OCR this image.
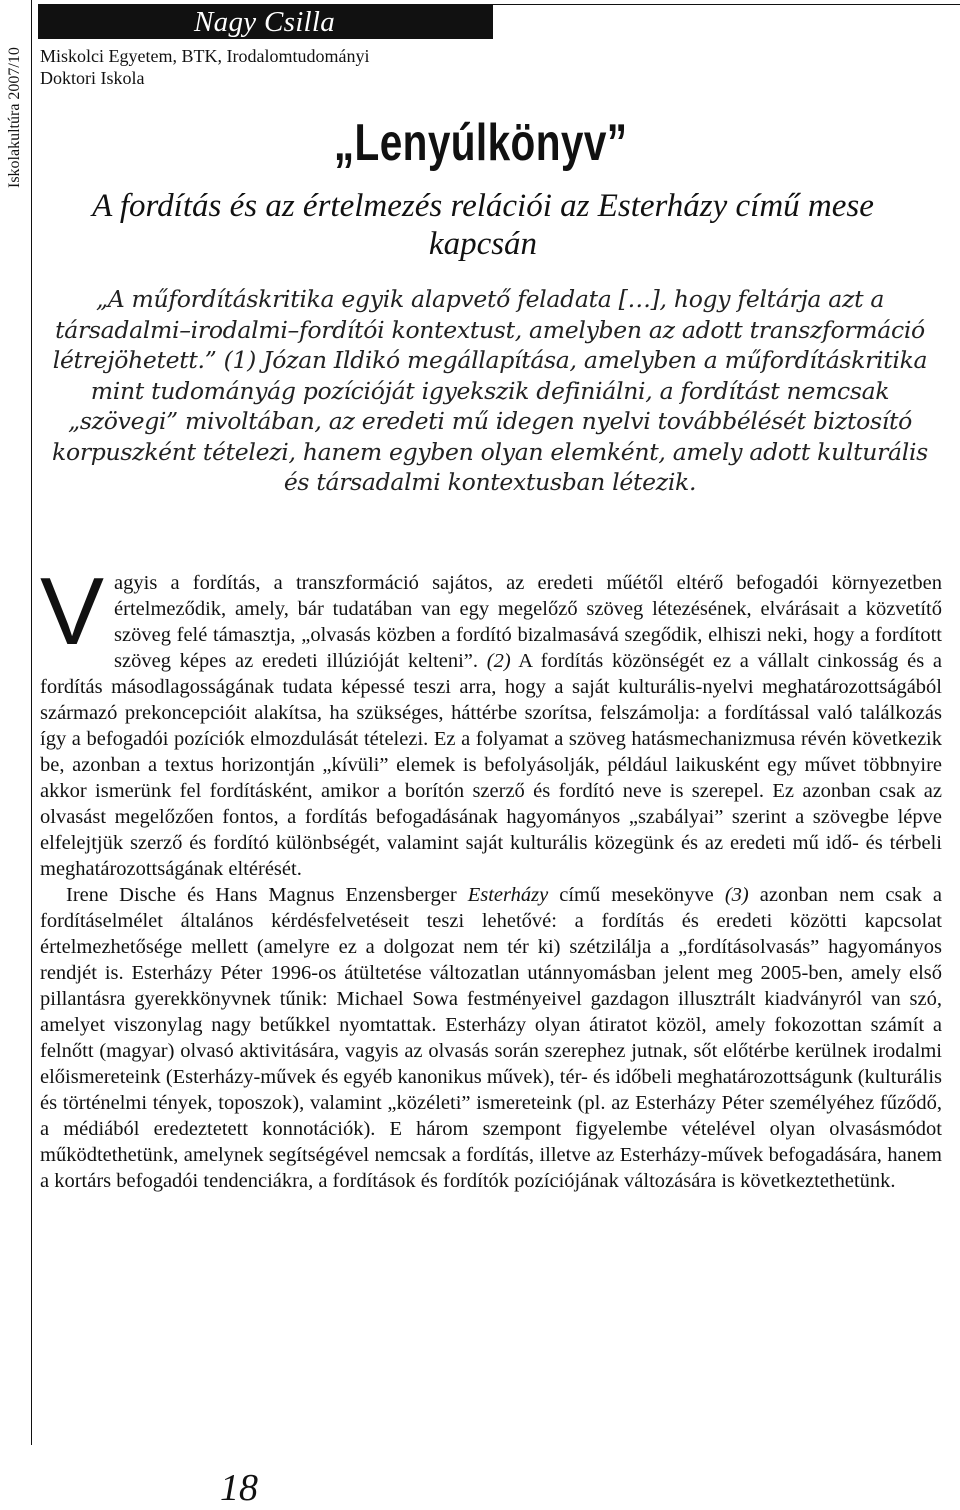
Iskolakultúra 2007/10
Nagy Csilla
Miskolci Egyetem, BTK, Irodalomtudományi
Doktori Iskola
„Lenyúlkönyv”
A fordítás és az értelmezés relációi az Esterházy című mese kapcsán
„A műfordításkritika egyik alapvető feladata […], hogy feltárja azt a társadalmi–irodalmi–fordítói kontextust, amelyben az adott transzformáció létrejöhetett.” (1) Józan Ildikó megállapítása, amelyben a műfordításkritika mint tudományág pozícióját igyekszik definiálni, a fordítást nemcsak „szövegi” mivoltában, az eredeti mű idegen nyelvi továbbélését biztosító korpuszként tételezi, hanem egyben olyan elemként, amely adott kulturális és társadalmi kontextusban létezik.

Vagyis a fordítás, a transzformáció sajátos, az eredeti műétől eltérő befogadói környezetben értelmeződik, amely, bár tudatában van egy megelőző szöveg létezésének, elvárásait a közvetítő szöveg felé támasztja, „olvasás közben a fordító bizalmasává szegődik, elhiszi neki, hogy a fordított szöveg képes az eredeti illúzióját kelteni”. (2) A fordítás közönségét ez a vállalt cinkosság és a fordítás másodlagosságának tudata képessé teszi arra, hogy a saját kulturális-nyelvi meghatározottságából származó prekoncepcióit alakítsa, ha szükséges, háttérbe szorítsa, felszámolja: a fordítással való találkozás így a befogadói pozíciók elmozdulását tételezi. Ez a folyamat a szöveg hatásmechanizmusa révén következik be, azonban a textus horizontján „kívüli” elemek is befolyásolják, például laikusként egy művet többnyire akkor ismerünk fel fordításként, amikor a borítón szerző és fordító neve is szerepel. Ez azonban csak az olvasást megelőzően fontos, a fordítás befogadásának hagyományos „szabályai” szerint a szövegbe lépve elfelejtjük szerző és fordító különbségét, valamint saját kulturális közegünk és az eredeti mű idő- és térbeli meghatározottságának eltérését.

Irene Dische és Hans Magnus Enzensberger Esterházy című mesekönyve (3) azonban nem csak a fordításelmélet általános kérdésfelvetéseit teszi lehetővé: a fordítás és eredeti közötti kapcsolat értelmezhetősége mellett (amelyre ez a dolgozat nem tér ki) szétzilálja a „fordításolvasás” hagyományos rendjét is. Esterházy Péter 1996-os átültetése változatlan utánnyomásban jelent meg 2005-ben, amely első pillantásra gyerekkönyvnek tűnik: Michael Sowa festményeivel gazdagon illusztrált kiadványról van szó, amelyet viszonylag nagy betűkkel nyomtattak. Esterházy olyan átiratot közöl, amely fokozottan számít a felnőtt (magyar) olvasó aktivitására, vagyis az olvasás során szerephez jutnak, sőt előtérbe kerülnek irodalmi előismereteink (Esterházy-művek és egyéb kanonikus művek), tér- és időbeli meghatározottságunk (kulturális és történelmi tények, toposzok), valamint „közéleti” ismereteink (pl. az Esterházy Péter személyéhez fűződő, a médiából eredeztetett konnotációk). E három szempont figyelembe vételével olyan olvasásmódot működtethetünk, amelynek segítségével nemcsak a fordítás, illetve az Esterházy-művek befogadására, hanem a kortárs befogadói tendenciákra, a fordítások és fordítók pozíciójának változására is következtethetünk.

18
